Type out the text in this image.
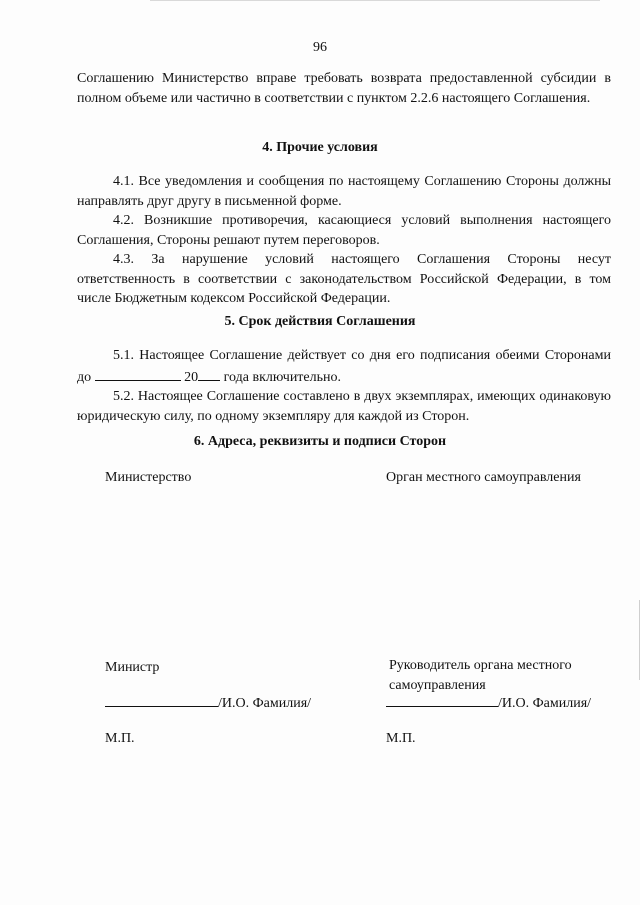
96

Соглашению Министерство вправе требовать возврата предоставленной субсидии в полном объеме или частично в соответствии с пунктом 2.2.6 настоящего Соглашения.

4. Прочие условия

4.1. Все уведомления и сообщения по настоящему Соглашению Стороны должны направлять друг другу в письменной форме.

4.2. Возникшие противоречия, касающиеся условий выполнения настоящего Соглашения, Стороны решают путем переговоров.

4.3. За нарушение условий настоящего Соглашения Стороны несут ответственность в соответствии с законодательством Российской Федерации, в том числе Бюджетным кодексом Российской Федерации.

5. Срок действия Соглашения

5.1. Настоящее Соглашение действует со дня его подписания обеими Сторонами до	20 года включительно.

5.2. Настоящее Соглашение составлено в двух экземплярах, имеющих одинаковую юридическую силу, по одному экземпляру для каждой из Сторон.

6. Адреса, реквизиты и подписи Сторон
Министерство	Орган местного самоуправления
Министр	Руководитель органа местного
самоуправления
/И.О. Фамилия/	/И.О. Фамилия/
М.П.	М.П.
